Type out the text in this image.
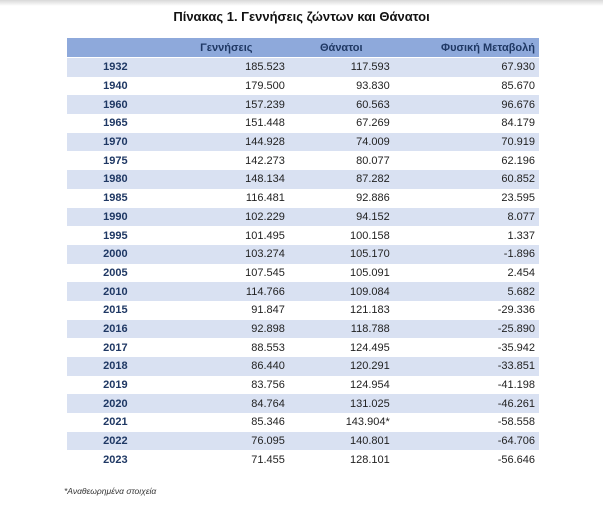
Πίνακας 1. Γεννήσεις ζώντων και Θάνατοι
	Γεννήσεις	Θάνατοι	Φυσική Μεταβολή
1932	185.523	117.593	67.930
1940	179.500	93.830	85.670
1960	157.239	60.563	96.676
1965	151.448	67.269	84.179
1970	144.928	74.009	70.919
1975	142.273	80.077	62.196
1980	148.134	87.282	60.852
1985	116.481	92.886	23.595
1990	102.229	94.152	8.077
1995	101.495	100.158	1.337
2000	103.274	105.170	-1.896
2005	107.545	105.091	2.454
2010	114.766	109.084	5.682
2015	91.847	121.183	-29.336
2016	92.898	118.788	-25.890
2017	88.553	124.495	-35.942
2018	86.440	120.291	-33.851
2019	83.756	124.954	-41.198
2020	84.764	131.025	-46.261
2021	85.346	143.904*	-58.558
2022	76.095	140.801	-64.706
2023	71.455	128.101	-56.646
*Αναθεωρημένα στοιχεία
